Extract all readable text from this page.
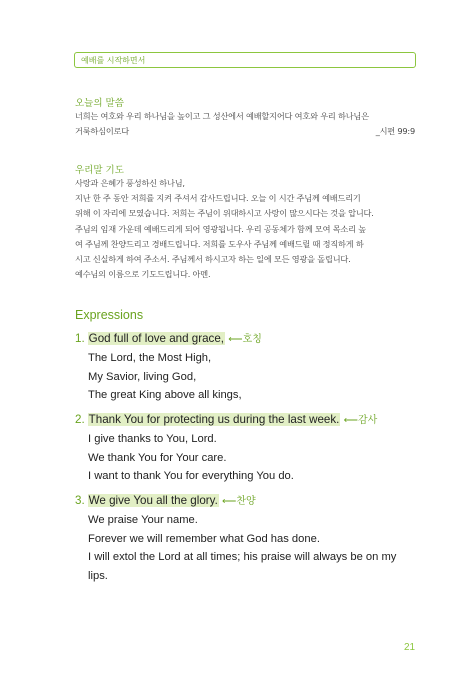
예배를 시작하면서
오늘의 말씀
너희는 여호와 우리 하나님을 높이고 그 성산에서 예배할지어다 여호와 우리 하나님은
거룩하심이로다	_시편 99:9
우리말 기도
사랑과 은혜가 풍성하신 하나님,
지난 한 주 동안 저희를 지켜 주셔서 감사드립니다. 오늘 이 시간 주님께 예배드리기
위해 이 자리에 모였습니다. 저희는 주님이 위대하시고 사랑이 많으시다는 것을 압니다.
주님의 임재 가운데 예배드리게 되어 영광됩니다. 우리 공동체가 함께 모여 목소리 높
여 주님께 찬양드리고 경배드립니다. 저희를 도우사 주님께 예배드릴 때 정직하게 하
시고 신실하게 하여 주소서. 주님께서 하시고자 하는 일에 모든 영광을 돌립니다.
예수님의 이름으로 기도드립니다. 아멘.
Expressions
1. God full of love and grace, ⟵호칭
The Lord, the Most High,
My Savior, living God,
The great King above all kings,
2. Thank You for protecting us during the last week. ⟵감사
I give thanks to You, Lord.
We thank You for Your care.
I want to thank You for everything You do.
3. We give You all the glory. ⟵찬양
We praise Your name.
Forever we will remember what God has done.
I will extol the Lord at all times; his praise will always be on my
lips.
21
